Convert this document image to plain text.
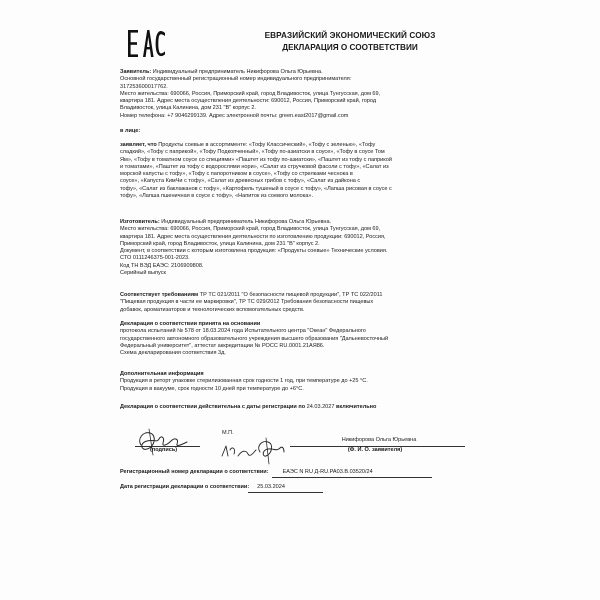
ЕВРАЗИЙСКИЙ ЭКОНОМИЧЕСКИЙ СОЮЗ
ДЕКЛАРАЦИЯ О СООТВЕТСТВИИ

Заявитель: Индивидуальный предприниматель Никифорова Ольга Юрьевна.

Основной государственный регистрационный номер индивидуального предпринимателя:

317253600017762.

Место жительства: 690066, Россия, Приморский край, город Владивосток, улица Тунгусская, дом 69,

квартира 181. Адрес места осуществления деятельности: 690012, Россия, Приморский край, город

Владивосток, улица Калинина, дом 231 "В" корпус 2.

Номер телефона: +7 9046299139. Адрес электронной почты: green.east2017@gmail.com

в лице:

заявляет, что Продукты соевые в ассортименте: «Тофу Классический», «Тофу с зеленью», «Тофу

сладкий», «Тофу с паприкой», «Тофу Подкопченный», «Тофу по-азиатски в соусе», «Тофу в соусе Том

Ям», «Тофу в томатном соусе со специями» «Паштет из тофу по-азиатски», «Паштет из тофу с паприкой

и томатами», «Паштет из тофу с водорослями нори», «Салат из стручковой фасоли с тофу», «Салат из

морской капусты с тофу», «Тофу с папоротником в соусе», «Тофу со стрелками чеснока в

соусе», «Капуста КимЧи с тофу», «Салат из древесных грибов с тофу», «Салат из дайкона с

тофу», «Салат из баклажанов с тофу», «Картофель тушеный в соусе с тофу», «Лапша рисовая в соусе с

тофу», «Лапша пшеничная в соусе с тофу», «Напиток из соевого молока».

Изготовитель: Индивидуальный предприниматель Никифорова Ольга Юрьевна.

Место жительства: 690066, Россия, Приморский край, город Владивосток, улица Тунгусская, дом 69,

квартира 181. Адрес места осуществления деятельности по изготовлению продукции: 690012, Россия,

Приморский край, город Владивосток, улица Калинина, дом 231 "В" корпус 2.

Документ, в соответствии с которым изготовлена продукция: «Продукты соевые» Технические условия.

СТО 0111246375-001-2023.

Код ТН ВЭД ЕАЭС: 2106909808.

Серийный выпуск

Соответствует требованиям ТР ТС 021/2011 "О безопасности пищевой продукции", ТР ТС 022/2011

"Пищевая продукция в части ее маркировки", ТР ТС 029/2012 Требования безопасности пищевых

добавок, ароматизаторов и технологических вспомогательных средств.

Декларация о соответствии принята на основании

протокола испытаний № 578 от 18.03.2024 года Испытательного центра "Океан" Федерального

государственного автономного образовательного учреждения высшего образования "Дальневосточный

Федеральный университет", аттестат аккредитации № РОСС RU.0001.21АЯ86.

Схема декларирования соответствия 3д.

Дополнительная информация

Продукция в реторт упаковке стерилизованная срок годности 1 год, при температуре до +25 °С.

Продукция в вакууме, срок годности 10 дней при температуре до +6°С.

Декларация о соответствии действительна с даты регистрации по 24.03.2027 включительно

М.П.
Никифорова Ольга Юрьевна
(подпись)	(Ф. И. О. заявителя)

Регистрационный номер декларации о соответствии:	ЕАЭС N RU Д-RU.PA03.B.03520/24

Дата регистрации декларации о соответствии: 25.03.2024
